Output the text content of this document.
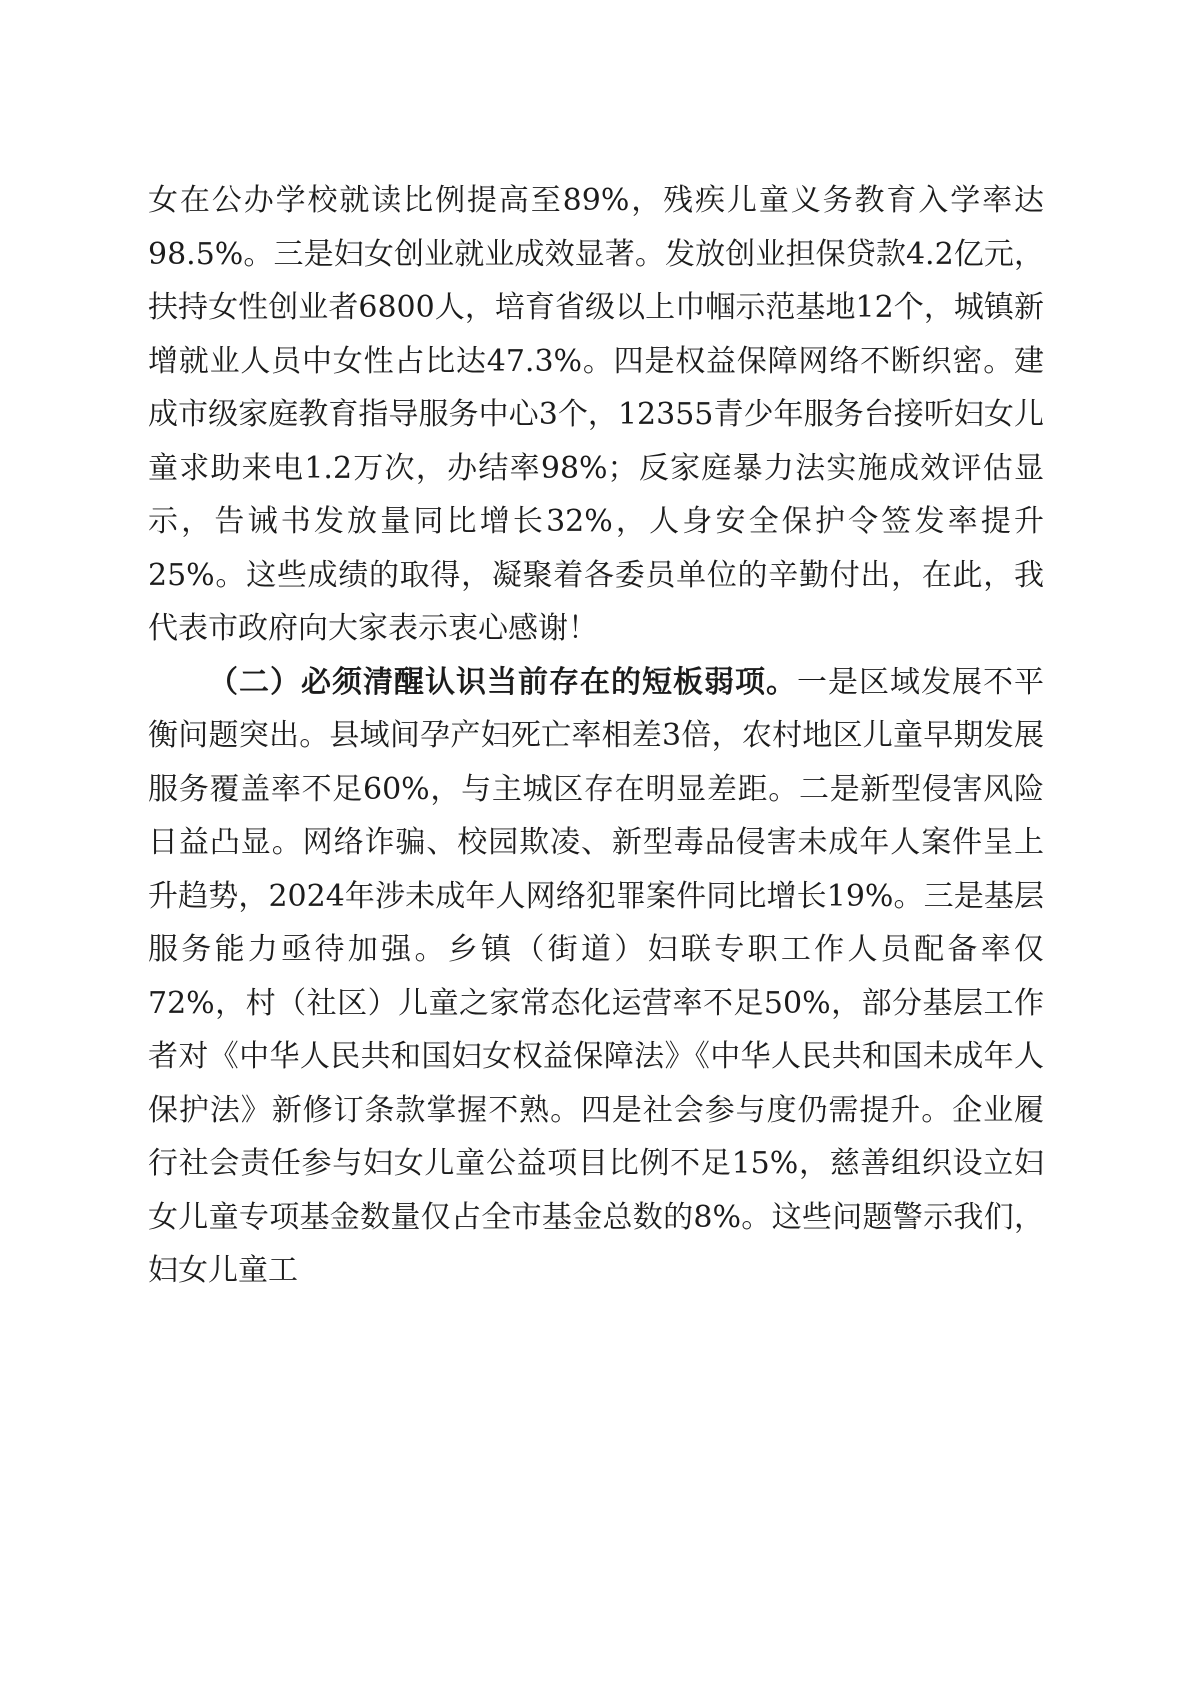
女在公办学校就读比例提高至89%，残疾儿童义务教育入学率达98.5%。三是妇女创业就业成效显著。发放创业担保贷款4.2亿元，扶持女性创业者6800人，培育省级以上巾帼示范基地12个，城镇新增就业人员中女性占比达47.3%。四是权益保障网络不断织密。建成市级家庭教育指导服务中心3个，12355青少年服务台接听妇女儿童求助来电1.2万次，办结率98%；反家庭暴力法实施成效评估显示，告诫书发放量同比增长32%，人身安全保护令签发率提升25%。这些成绩的取得，凝聚着各委员单位的辛勤付出，在此，我代表市政府向大家表示衷心感谢！

（二）必须清醒认识当前存在的短板弱项。一是区域发展不平衡问题突出。县域间孕产妇死亡率相差3倍，农村地区儿童早期发展服务覆盖率不足60%，与主城区存在明显差距。二是新型侵害风险日益凸显。网络诈骗、校园欺凌、新型毒品侵害未成年人案件呈上升趋势，2024年涉未成年人网络犯罪案件同比增长19%。三是基层服务能力亟待加强。乡镇（街道）妇联专职工作人员配备率仅72%，村（社区）儿童之家常态化运营率不足50%，部分基层工作者对《中华人民共和国妇女权益保障法》《中华人民共和国未成年人保护法》新修订条款掌握不熟。四是社会参与度仍需提升。企业履行社会责任参与妇女儿童公益项目比例不足15%，慈善组织设立妇女儿童专项基金数量仅占全市基金总数的8%。这些问题警示我们，妇女儿童工
